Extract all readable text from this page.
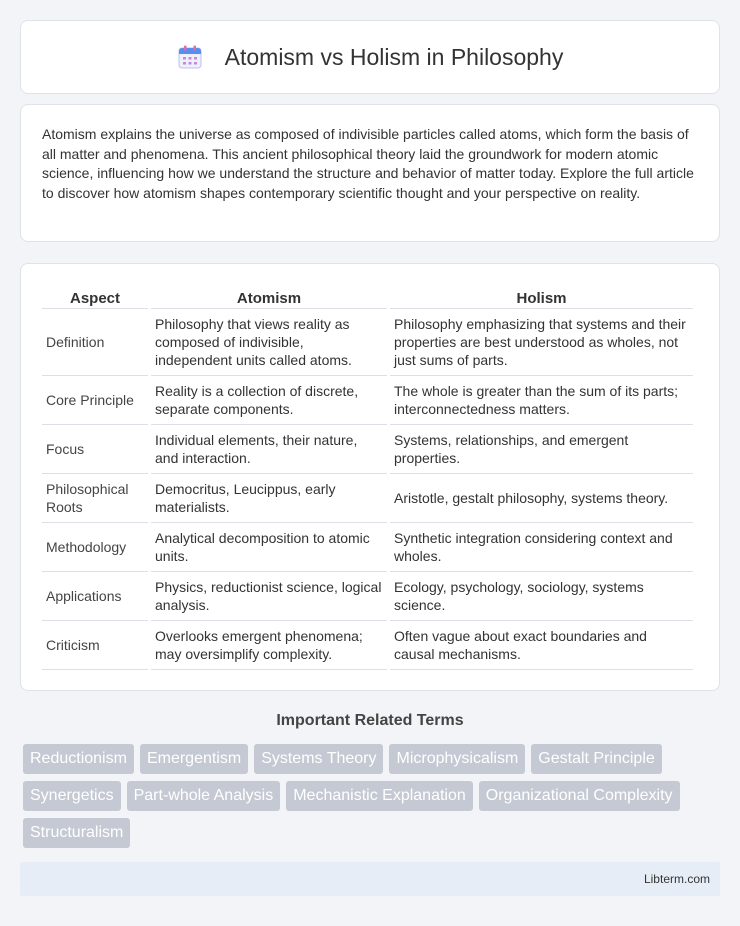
Atomism vs Holism in Philosophy

Atomism explains the universe as composed of indivisible particles called atoms, which form the basis of all matter and phenomena. This ancient philosophical theory laid the groundwork for modern atomic science, influencing how we understand the structure and behavior of matter today. Explore the full article to discover how atomism shapes contemporary scientific thought and your perspective on reality.

Aspect	Atomism	Holism
Definition	Philosophy that views reality as composed of indivisible, independent units called atoms.	Philosophy emphasizing that systems and their properties are best understood as wholes, not just sums of parts.
Core Principle	Reality is a collection of discrete, separate components.	The whole is greater than the sum of its parts; interconnectedness matters.
Focus	Individual elements, their nature, and interaction.	Systems, relationships, and emergent properties.
Philosophical Roots	Democritus, Leucippus, early materialists.	Aristotle, gestalt philosophy, systems theory.
Methodology	Analytical decomposition to atomic units.	Synthetic integration considering context and wholes.
Applications	Physics, reductionist science, logical analysis.	Ecology, psychology, sociology, systems science.
Criticism	Overlooks emergent phenomena; may oversimplify complexity.	Often vague about exact boundaries and causal mechanisms.
Important Related Terms
Reductionism	Emergentism	Systems Theory	Microphysicalism	Gestalt Principle
Synergetics	Part-whole Analysis	Mechanistic Explanation	Organizational Complexity
Structuralism
Libterm.com
